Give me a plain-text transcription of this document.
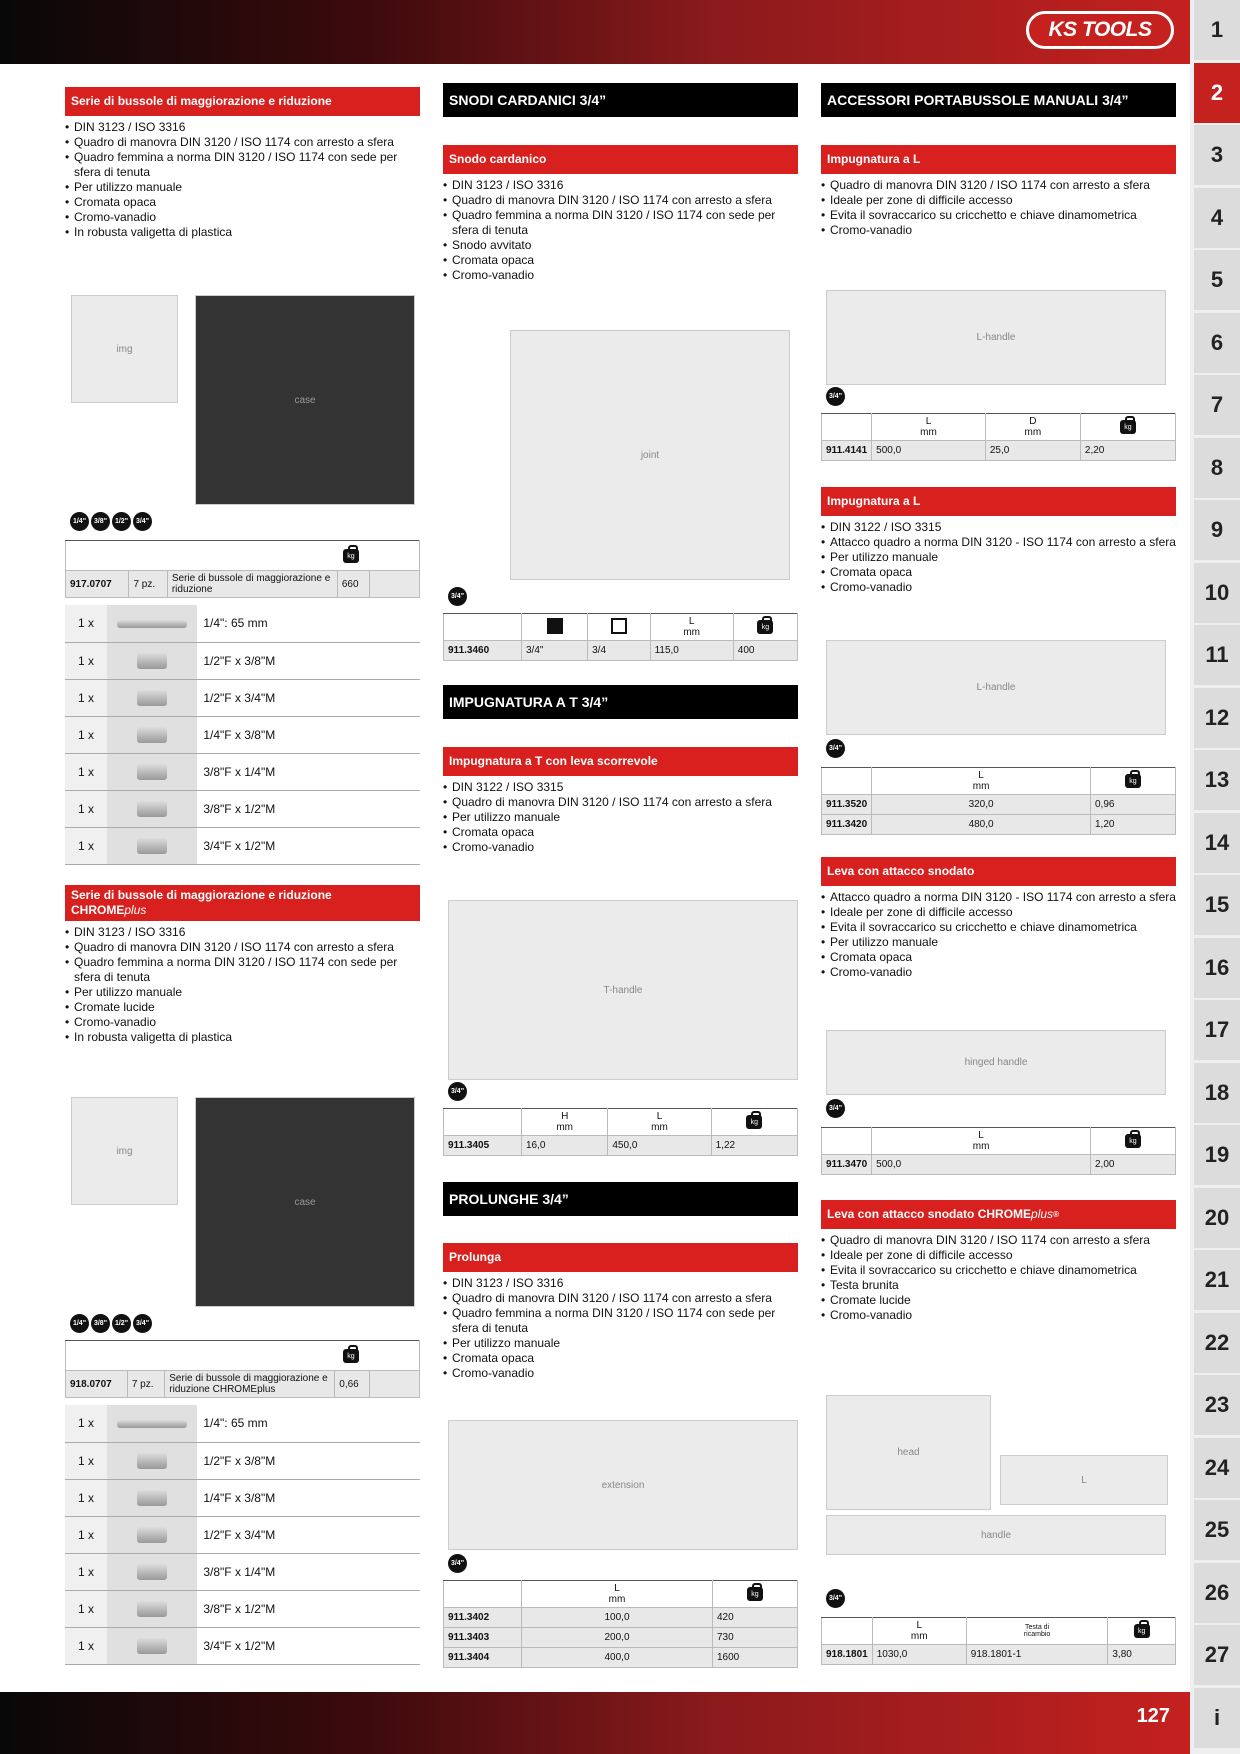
KS TOOLS
127
1
2
3
4
5
6
7
8
9
10
11
12
13
14
15
16
17
18
19
20
21
22
23
24
25
26
27
i
Serie di bussole di maggiorazione e riduzione
• DIN 3123 / ISO 3316
• Quadro di manovra DIN 3120 / ISO 1174 con arresto a sfera
• Quadro femmina a norma DIN 3120 / ISO 1174 con sede per sfera di tenuta
• Per utilizzo manuale
• Cromata opaca
• Cromo-vanadio
• In robusta valigetta di plastica
img
case
1/4" 3/8" 1/2" 3/4"
kg
917.0707	7 pz.	Serie di bussole di maggiorazione e riduzione	660	
1 x		1/4": 65 mm
1 x		1/2"F x 3/8"M
1 x		1/2"F x 3/4"M
1 x		1/4"F x 3/8"M
1 x		3/8"F x 1/4"M
1 x		3/8"F x 1/2"M
1 x		3/4"F x 1/2"M
Serie di bussole di maggiorazione e riduzione
CHROMEplus
• DIN 3123 / ISO 3316
• Quadro di manovra DIN 3120 / ISO 1174 con arresto a sfera
• Quadro femmina a norma DIN 3120 / ISO 1174 con sede per sfera di tenuta
• Per utilizzo manuale
• Cromate lucide
• Cromo-vanadio
• In robusta valigetta di plastica
img
case
1/4" 3/8" 1/2" 3/4"
kg
918.0707	7 pz.	Serie di bussole di maggiorazione e riduzione CHROMEplus	0,66	
1 x		1/4": 65 mm
1 x		1/2"F x 3/8"M
1 x		1/4"F x 3/8"M
1 x		1/2"F x 3/4"M
1 x		3/8"F x 1/4"M
1 x		3/8"F x 1/2"M
1 x		3/4"F x 1/2"M
SNODI CARDANICI 3/4”
Snodo cardanico
• DIN 3123 / ISO 3316
• Quadro di manovra DIN 3120 / ISO 1174 con arresto a sfera
• Quadro femmina a norma DIN 3120 / ISO 1174 con sede per sfera di tenuta
• Snodo avvitato
• Cromata opaca
• Cromo-vanadio
joint
3/4"
			L
mm	kg
911.3460	3/4"	3/4	115,0	400
IMPUGNATURA A T 3/4”
Impugnatura a T con leva scorrevole
• DIN 3122 / ISO 3315
• Quadro di manovra DIN 3120 / ISO 1174 con arresto a sfera
• Per utilizzo manuale
• Cromata opaca
• Cromo-vanadio
T-handle
3/4"
	H
mm	L
mm	kg
911.3405	16,0	450,0	1,22
PROLUNGHE 3/4”
Prolunga
• DIN 3123 / ISO 3316
• Quadro di manovra DIN 3120 / ISO 1174 con arresto a sfera
• Quadro femmina a norma DIN 3120 / ISO 1174 con sede per sfera di tenuta
• Per utilizzo manuale
• Cromata opaca
• Cromo-vanadio
extension
3/4"
	L
mm	kg
911.3402	100,0	420
911.3403	200,0	730
911.3404	400,0	1600
ACCESSORI PORTABUSSOLE MANUALI 3/4”
Impugnatura a L
• Quadro di manovra DIN 3120 / ISO 1174 con arresto a sfera
• Ideale per zone di difficile accesso
• Evita il sovraccarico su cricchetto e chiave dinamometrica
• Cromo-vanadio
L-handle
3/4"
	L
mm	D
mm	kg
911.4141	500,0	25,0	2,20
Impugnatura a L
• DIN 3122 / ISO 3315
• Attacco quadro a norma DIN 3120 - ISO 1174 con arresto a sfera
• Per utilizzo manuale
• Cromata opaca
• Cromo-vanadio
L-handle
3/4"
	L
mm	kg
911.3520	320,0	0,96
911.3420	480,0	1,20
Leva con attacco snodato
• Attacco quadro a norma DIN 3120 - ISO 1174 con arresto a sfera
• Ideale per zone di difficile accesso
• Evita il sovraccarico su cricchetto e chiave dinamometrica
• Per utilizzo manuale
• Cromata opaca
• Cromo-vanadio
hinged handle
3/4"
	L
mm	kg
911.3470	500,0	2,00
Leva con attacco snodato CHROME plus ®
• Quadro di manovra DIN 3120 / ISO 1174 con arresto a sfera
• Ideale per zone di difficile accesso
• Evita il sovraccarico su cricchetto e chiave dinamometrica
• Testa brunita
• Cromate lucide
• Cromo-vanadio
head
L
handle
3/4"
	L
mm	Testa di
ricambio	kg
918.1801	1030,0	918.1801-1	3,80
